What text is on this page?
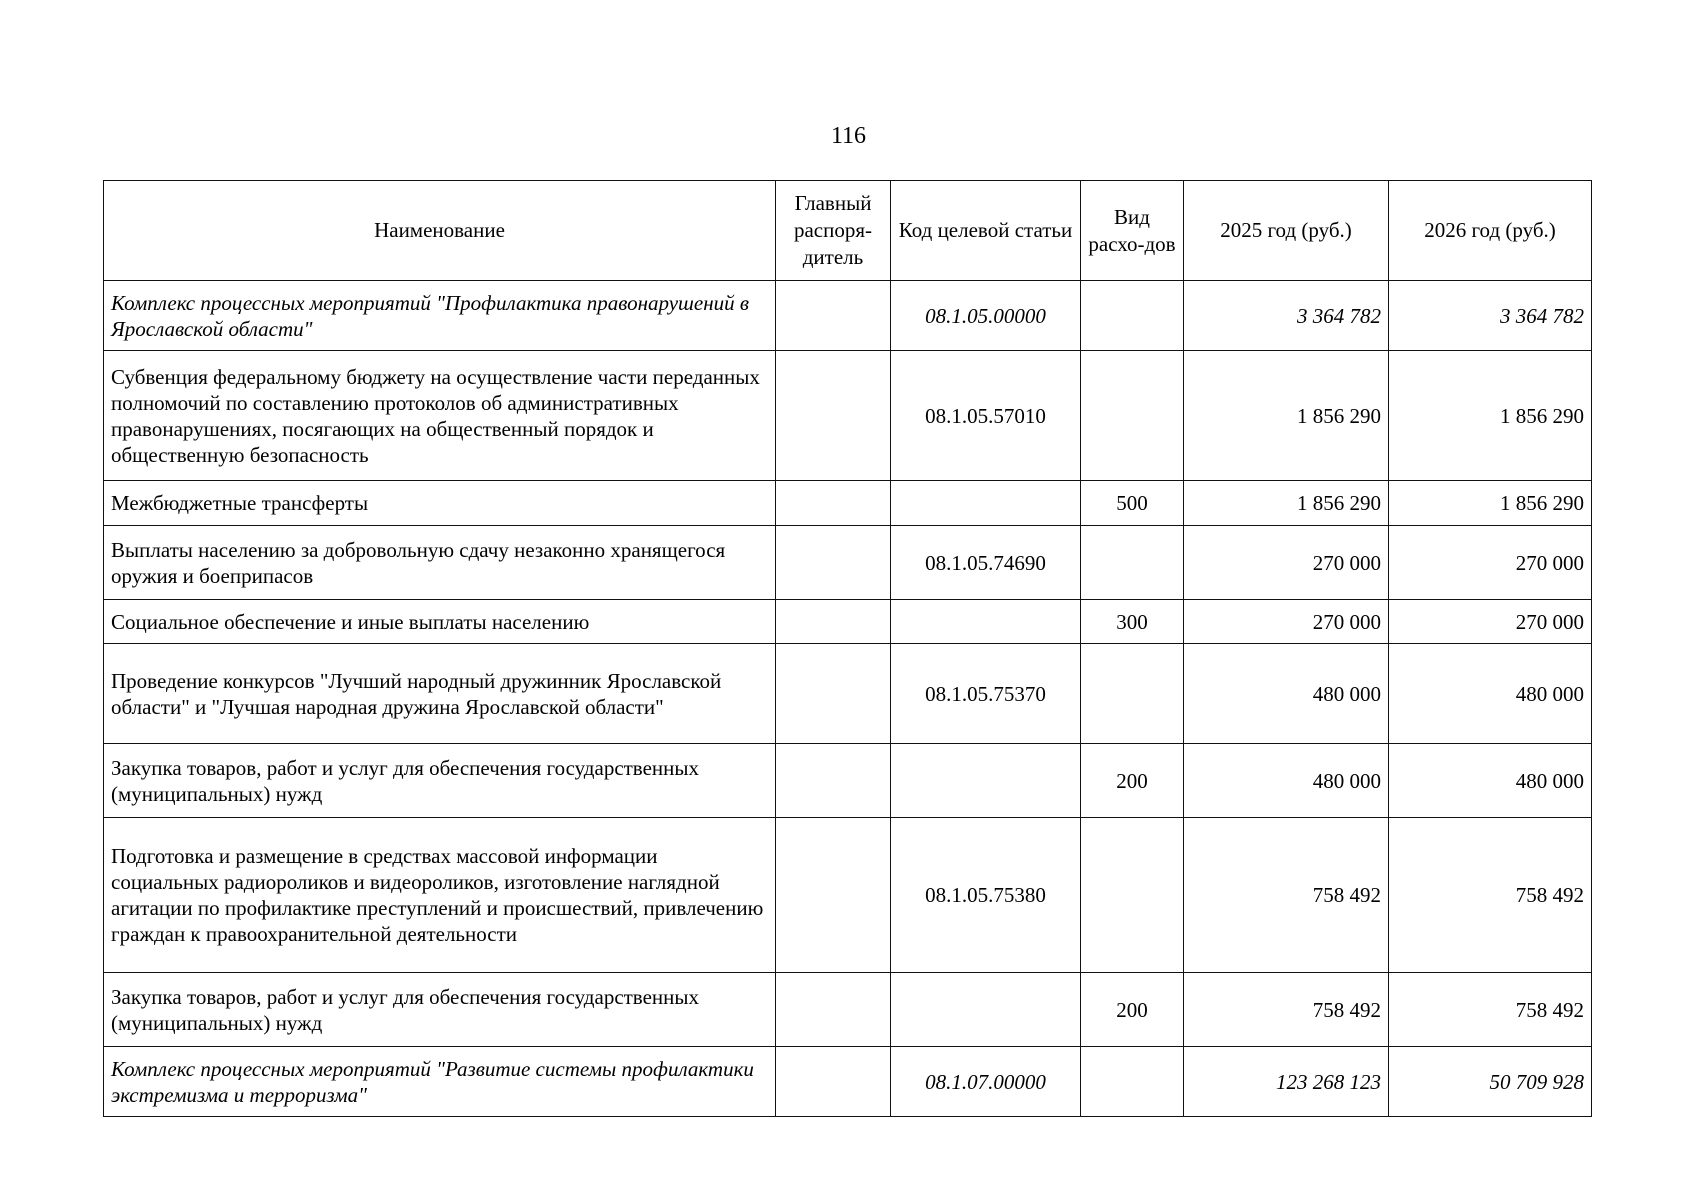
116
Наименование	Главный распоря-дитель	Код целевой статьи	Вид расхо-дов	2025 год (руб.)	2026 год (руб.)
Комплекс процессных мероприятий "Профилактика правонарушений в Ярославской области"		08.1.05.00000		3 364 782	3 364 782
Субвенция федеральному бюджету на осуществление части переданных полномочий по составлению протоколов об административных правонарушениях, посягающих на общественный порядок и общественную безопасность		08.1.05.57010		1 856 290	1 856 290
Межбюджетные трансферты			500	1 856 290	1 856 290
Выплаты населению за добровольную сдачу незаконно хранящегося оружия и боеприпасов		08.1.05.74690		270 000	270 000
Социальное обеспечение и иные выплаты населению			300	270 000	270 000
Проведение конкурсов "Лучший народный дружинник Ярославской области" и "Лучшая народная дружина Ярославской области"		08.1.05.75370		480 000	480 000
Закупка товаров, работ и услуг для обеспечения государственных (муниципальных) нужд			200	480 000	480 000
Подготовка и размещение в средствах массовой информации социальных радиороликов и видеороликов, изготовление наглядной агитации по профилактике преступлений и происшествий, привлечению граждан к правоохранительной деятельности		08.1.05.75380		758 492	758 492
Закупка товаров, работ и услуг для обеспечения государственных (муниципальных) нужд			200	758 492	758 492
Комплекс процессных мероприятий "Развитие системы профилактики экстремизма и терроризма"		08.1.07.00000		123 268 123	50 709 928
